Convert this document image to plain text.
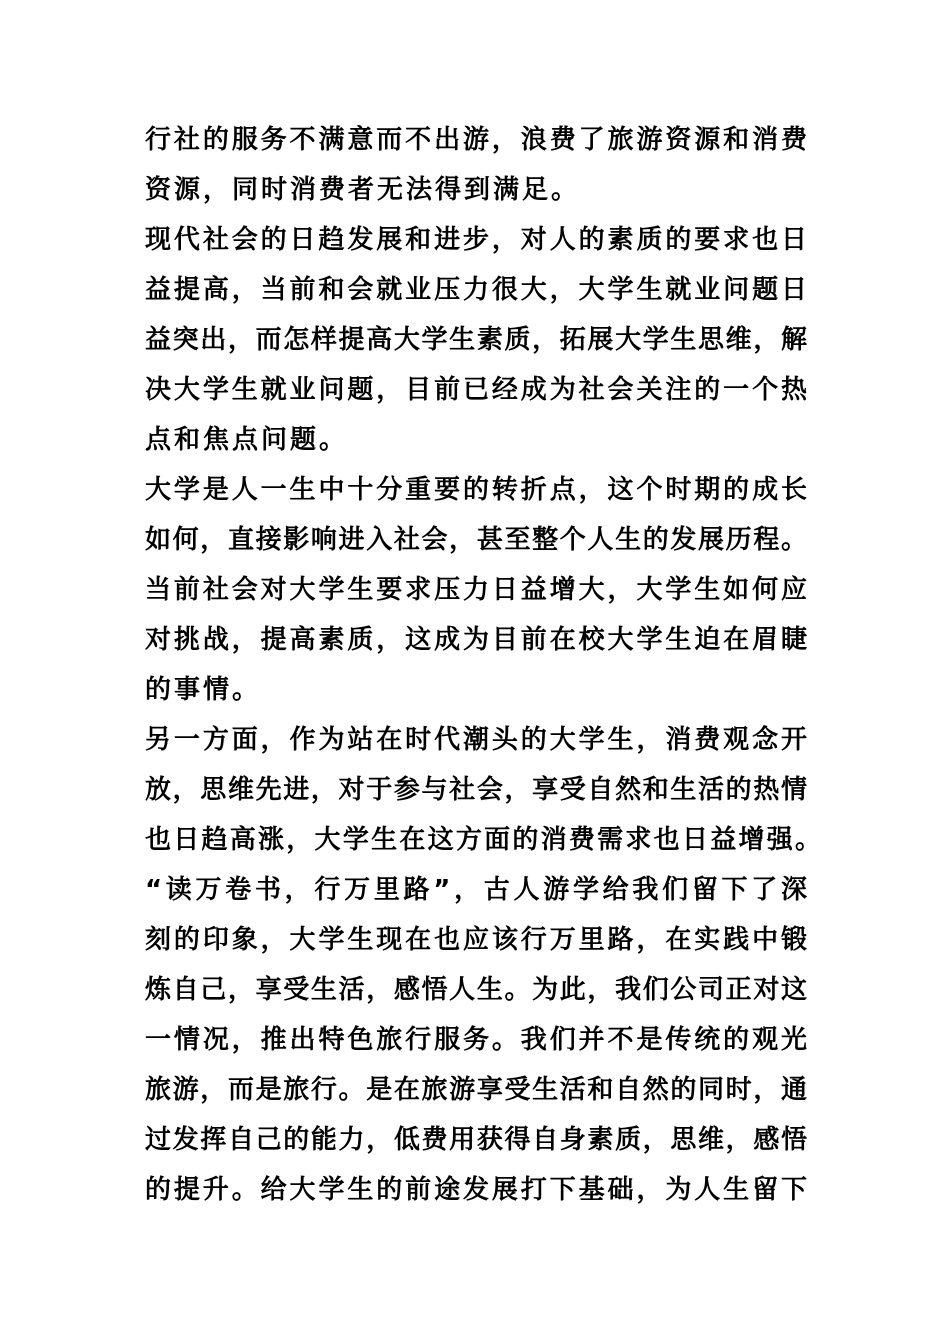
行社的服务不满意而不出游，浪费了旅游资源和消费
资源，同时消费者无法得到满足。
现代社会的日趋发展和进步，对人的素质的要求也日
益提高，当前和会就业压力很大，大学生就业问题日
益突出，而怎样提高大学生素质，拓展大学生思维，解
决大学生就业问题，目前已经成为社会关注的一个热
点和焦点问题。
大学是人一生中十分重要的转折点，这个时期的成长
如何，直接影响进入社会，甚至整个人生的发展历程。
当前社会对大学生要求压力日益增大，大学生如何应
对挑战，提高素质，这成为目前在校大学生迫在眉睫
的事情。
另一方面，作为站在时代潮头的大学生，消费观念开
放，思维先进，对于参与社会，享受自然和生活的热情
也日趋高涨，大学生在这方面的消费需求也日益增强。
“读万卷书，行万里路”，古人游学给我们留下了深
刻的印象，大学生现在也应该行万里路，在实践中锻
炼自己，享受生活，感悟人生。为此，我们公司正对这
一情况，推出特色旅行服务。我们并不是传统的观光
旅游，而是旅行。是在旅游享受生活和自然的同时，通
过发挥自己的能力，低费用获得自身素质，思维，感悟
的提升。给大学生的前途发展打下基础，为人生留下
